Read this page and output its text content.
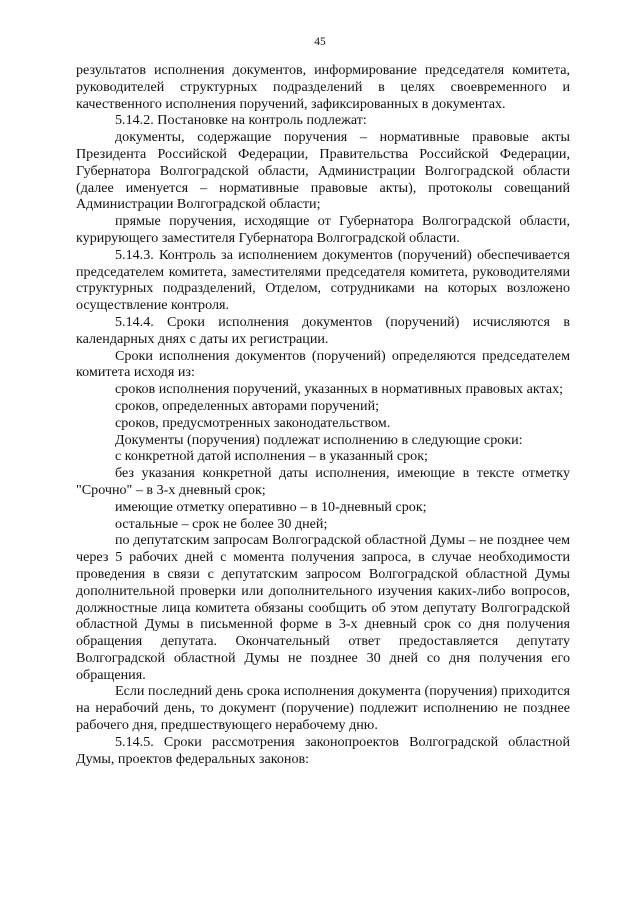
45

результатов исполнения документов, информирование председателя комитета, руководителей структурных подразделений в целях своевременного и качественного исполнения поручений, зафиксированных в документах.

5.14.2. Постановке на контроль подлежат:

документы, содержащие поручения – нормативные правовые акты Президента Российской Федерации, Правительства Российской Федерации, Губернатора Волгоградской области, Администрации Волгоградской области (далее именуется – нормативные правовые акты), протоколы совещаний Администрации Волгоградской области;

прямые поручения, исходящие от Губернатора Волгоградской области, курирующего заместителя Губернатора Волгоградской области.

5.14.3. Контроль за исполнением документов (поручений) обеспечивается председателем комитета, заместителями председателя комитета, руководителями структурных подразделений, Отделом, сотрудниками на которых возложено осуществление контроля.

5.14.4. Сроки исполнения документов (поручений) исчисляются в календарных днях с даты их регистрации.

Сроки исполнения документов (поручений) определяются председателем комитета исходя из:

сроков исполнения поручений, указанных в нормативных правовых актах;

сроков, определенных авторами поручений;

сроков, предусмотренных законодательством.

Документы (поручения) подлежат исполнению в следующие сроки:

с конкретной датой исполнения – в указанный срок;

без указания конкретной даты исполнения, имеющие в тексте отметку "Срочно" – в 3-х дневный срок;

имеющие отметку оперативно – в 10-дневный срок;

остальные – срок не более 30 дней;

по депутатским запросам Волгоградской областной Думы – не позднее чем через 5 рабочих дней с момента получения запроса, в случае необходимости проведения в связи с депутатским запросом Волгоградской областной Думы дополнительной проверки или дополнительного изучения каких-либо вопросов, должностные лица комитета обязаны сообщить об этом депутату Волгоградской областной Думы в письменной форме в 3-х дневный срок со дня получения обращения депутата. Окончательный ответ предоставляется депутату Волгоградской областной Думы не позднее 30 дней со дня получения его обращения.

Если последний день срока исполнения документа (поручения) приходится на нерабочий день, то документ (поручение) подлежит исполнению не позднее рабочего дня, предшествующего нерабочему дню.

5.14.5. Сроки рассмотрения законопроектов Волгоградской областной Думы, проектов федеральных законов:
